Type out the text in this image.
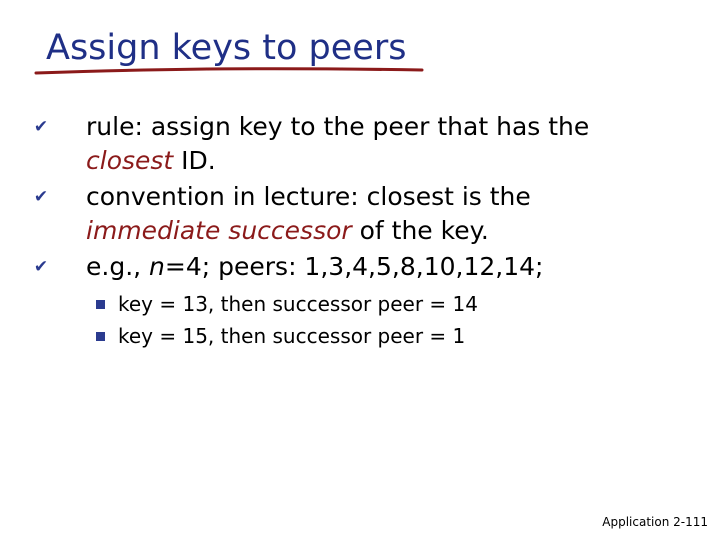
Assign keys to peers
✔ rule: assign key to the peer that has the
closest ID.
✔ convention in lecture: closest is the
immediate successor of the key.
✔ e.g., n=4; peers: 1,3,4,5,8,10,12,14;
key = 13, then successor peer = 14
key = 15, then successor peer = 1
Application 2-111
